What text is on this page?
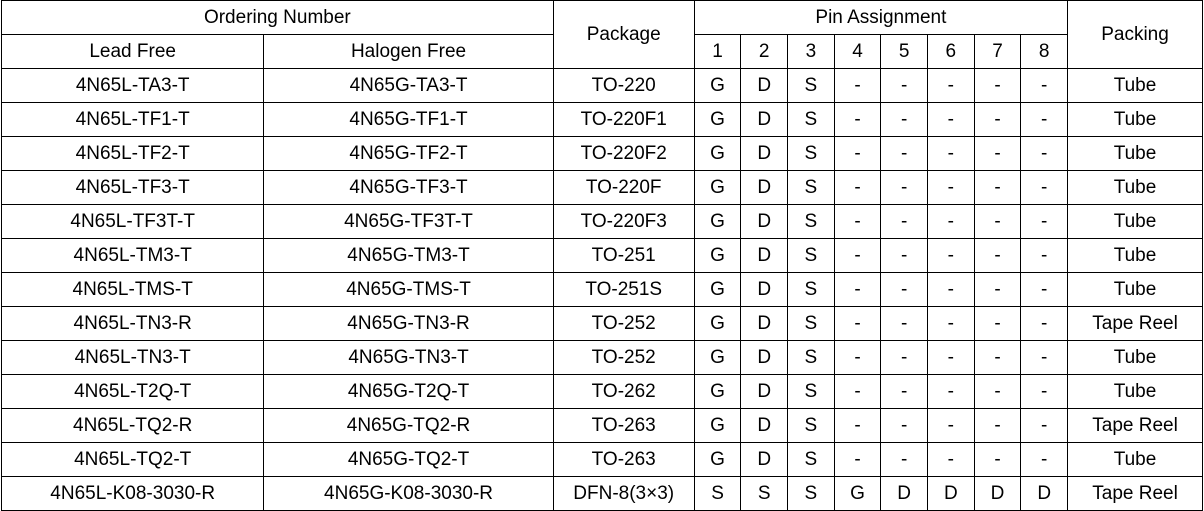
Ordering Number		Package	Pin Assignment								Packing
Lead Free	Halogen Free		1	2	3	4	5	6	7	8	
4N65L-TA3-T	4N65G-TA3-T	TO-220	G	D	S	-	-	-	-	-	Tube
4N65L-TF1-T	4N65G-TF1-T	TO-220F1	G	D	S	-	-	-	-	-	Tube
4N65L-TF2-T	4N65G-TF2-T	TO-220F2	G	D	S	-	-	-	-	-	Tube
4N65L-TF3-T	4N65G-TF3-T	TO-220F	G	D	S	-	-	-	-	-	Tube
4N65L-TF3T-T	4N65G-TF3T-T	TO-220F3	G	D	S	-	-	-	-	-	Tube
4N65L-TM3-T	4N65G-TM3-T	TO-251	G	D	S	-	-	-	-	-	Tube
4N65L-TMS-T	4N65G-TMS-T	TO-251S	G	D	S	-	-	-	-	-	Tube
4N65L-TN3-R	4N65G-TN3-R	TO-252	G	D	S	-	-	-	-	-	Tape Reel
4N65L-TN3-T	4N65G-TN3-T	TO-252	G	D	S	-	-	-	-	-	Tube
4N65L-T2Q-T	4N65G-T2Q-T	TO-262	G	D	S	-	-	-	-	-	Tube
4N65L-TQ2-R	4N65G-TQ2-R	TO-263	G	D	S	-	-	-	-	-	Tape Reel
4N65L-TQ2-T	4N65G-TQ2-T	TO-263	G	D	S	-	-	-	-	-	Tube
4N65L-K08-3030-R	4N65G-K08-3030-R	DFN-8(3×3)	S	S	S	G	D	D	D	D	Tape Reel
